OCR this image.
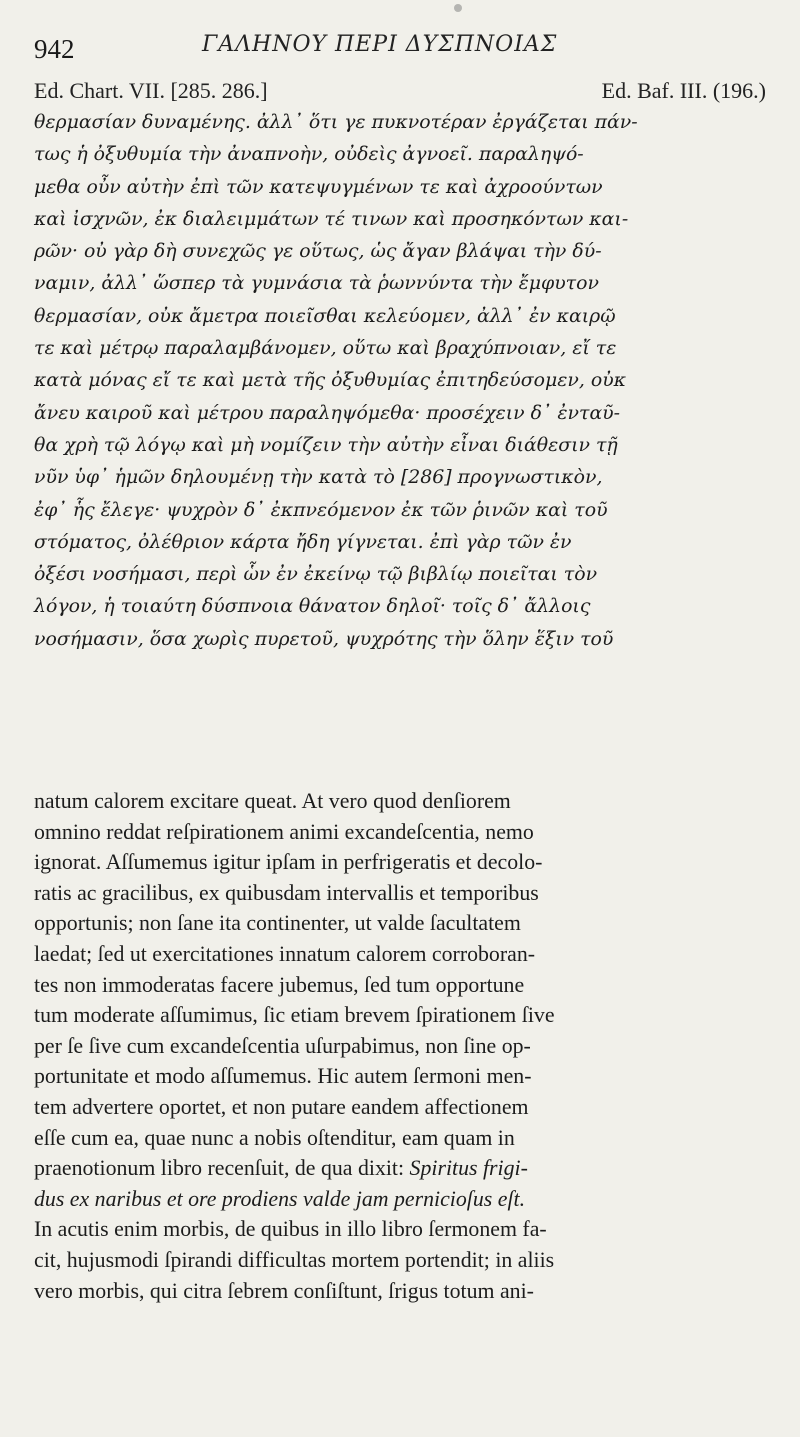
942	ΓΑΛΗΝΟΥ ΠΕΡΙ ΔΥΣΠΝΟΙΑΣ
Ed. Chart. VII. [285. 286.]	Ed. Baf. III. (196.)
θερμασίαν δυναμένης. ἀλλ᾿ ὅτι γε πυκνοτέραν ἐργάζεται πάν-
τως ἡ ὀξυθυμία τὴν ἀναπνοὴν, οὐδεὶς ἀγνοεῖ. παραληψό-
μεθα οὖν αὐτὴν ἐπὶ τῶν κατεψυγμένων τε καὶ ἀχροούντων
καὶ ἰσχνῶν, ἐκ διαλειμμάτων τέ τινων καὶ προσηκόντων και-
ρῶν· οὐ γὰρ δὴ συνεχῶς γε οὕτως, ὡς ἄγαν βλάψαι τὴν δύ-
ναμιν, ἀλλ᾿ ὥσπερ τὰ γυμνάσια τὰ ῥωννύντα τὴν ἔμφυτον
θερμασίαν, οὐκ ἄμετρα ποιεῖσθαι κελεύομεν, ἀλλ᾿ ἐν καιρῷ
τε καὶ μέτρῳ παραλαμβάνομεν, οὕτω καὶ βραχύπνοιαν, εἴ τε
κατὰ μόνας εἴ τε καὶ μετὰ τῆς ὀξυθυμίας ἐπιτηδεύσομεν, οὐκ
ἄνευ καιροῦ καὶ μέτρου παραληψόμεθα· προσέχειν δ᾿ ἐνταῦ-
θα χρὴ τῷ λόγῳ καὶ μὴ νομίζειν τὴν αὐτὴν εἶναι διάθεσιν τῇ
νῦν ὑφ᾿ ἡμῶν δηλουμένῃ τὴν κατὰ τὸ [286] προγνωστικὸν,
ἐφ᾿ ἧς ἔλεγε· ψυχρὸν δ᾿ ἐκπνεόμενον ἐκ τῶν ῥινῶν καὶ τοῦ
στόματος, ὀλέθριον κάρτα ἤδη γίγνεται. ἐπὶ γὰρ τῶν ἐν
ὀξέσι νοσήμασι, περὶ ὧν ἐν ἐκείνῳ τῷ βιβλίῳ ποιεῖται τὸν
λόγον, ἡ τοιαύτη δύσπνοια θάνατον δηλοῖ· τοῖς δ᾿ ἄλλοις
νοσήμασιν, ὅσα χωρὶς πυρετοῦ, ψυχρότης τὴν ὅλην ἕξιν τοῦ
natum calorem excitare queat. At vero quod denſiorem
omnino reddat reſpirationem animi excandeſcentia, nemo
ignorat. Aſſumemus igitur ipſam in perfrigeratis et decolo-
ratis ac gracilibus, ex quibusdam intervallis et temporibus
opportunis; non ſane ita continenter, ut valde ſacultatem
laedat; ſed ut exercitationes innatum calorem corroboran-
tes non immoderatas facere jubemus, ſed tum opportune
tum moderate aſſumimus, ſic etiam brevem ſpirationem ſive
per ſe ſive cum excandeſcentia uſurpabimus, non ſine op-
portunitate et modo aſſumemus. Hic autem ſermoni men-
tem advertere oportet, et non putare eandem affectionem
eſſe cum ea, quae nunc a nobis oſtenditur, eam quam in
praenotionum libro recenſuit, de qua dixit: Spiritus frigi-
dus ex naribus et ore prodiens valde jam pernicioſus eſt.
In acutis enim morbis, de quibus in illo libro ſermonem fa-
cit, hujusmodi ſpirandi difficultas mortem portendit; in aliis
vero morbis, qui citra ſebrem conſiſtunt, ſrigus totum ani-
